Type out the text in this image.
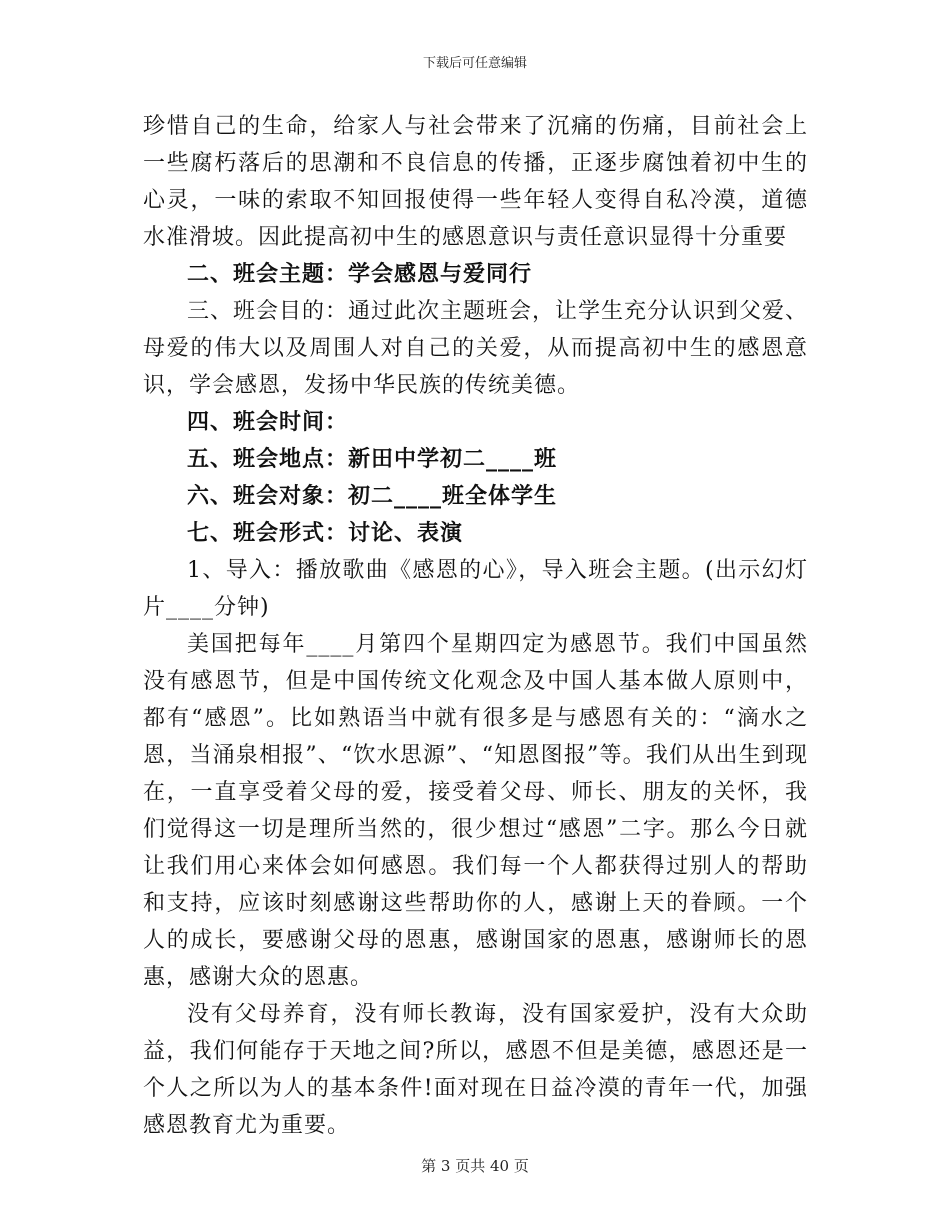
下载后可任意编辑

珍惜自己的生命，给家人与社会带来了沉痛的伤痛，目前社会上一些腐朽落后的思潮和不良信息的传播，正逐步腐蚀着初中生的心灵，一味的索取不知回报使得一些年轻人变得自私冷漠，道德水准滑坡。因此提高初中生的感恩意识与责任意识显得十分重要

二、班会主题：学会感恩与爱同行

三、班会目的：通过此次主题班会，让学生充分认识到父爱、母爱的伟大以及周围人对自己的关爱，从而提高初中生的感恩意识，学会感恩，发扬中华民族的传统美德。

四、班会时间：

五、班会地点：新田中学初二____班

六、班会对象：初二____班全体学生

七、班会形式：讨论、表演

1、导入：播放歌曲《感恩的心》，导入班会主题。(出示幻灯片____分钟)

美国把每年____月第四个星期四定为感恩节。我们中国虽然没有感恩节，但是中国传统文化观念及中国人基本做人原则中，都有“感恩”。比如熟语当中就有很多是与感恩有关的：“滴水之恩，当涌泉相报”、“饮水思源”、“知恩图报”等。我们从出生到现在，一直享受着父母的爱，接受着父母、师长、朋友的关怀，我们觉得这一切是理所当然的，很少想过“感恩”二字。那么今日就让我们用心来体会如何感恩。我们每一个人都获得过别人的帮助和支持，应该时刻感谢这些帮助你的人，感谢上天的眷顾。一个人的成长，要感谢父母的恩惠，感谢国家的恩惠，感谢师长的恩惠，感谢大众的恩惠。

没有父母养育，没有师长教诲，没有国家爱护，没有大众助益，我们何能存于天地之间?所以，感恩不但是美德，感恩还是一个人之所以为人的基本条件!面对现在日益冷漠的青年一代，加强感恩教育尤为重要。

第 3 页共 40 页
